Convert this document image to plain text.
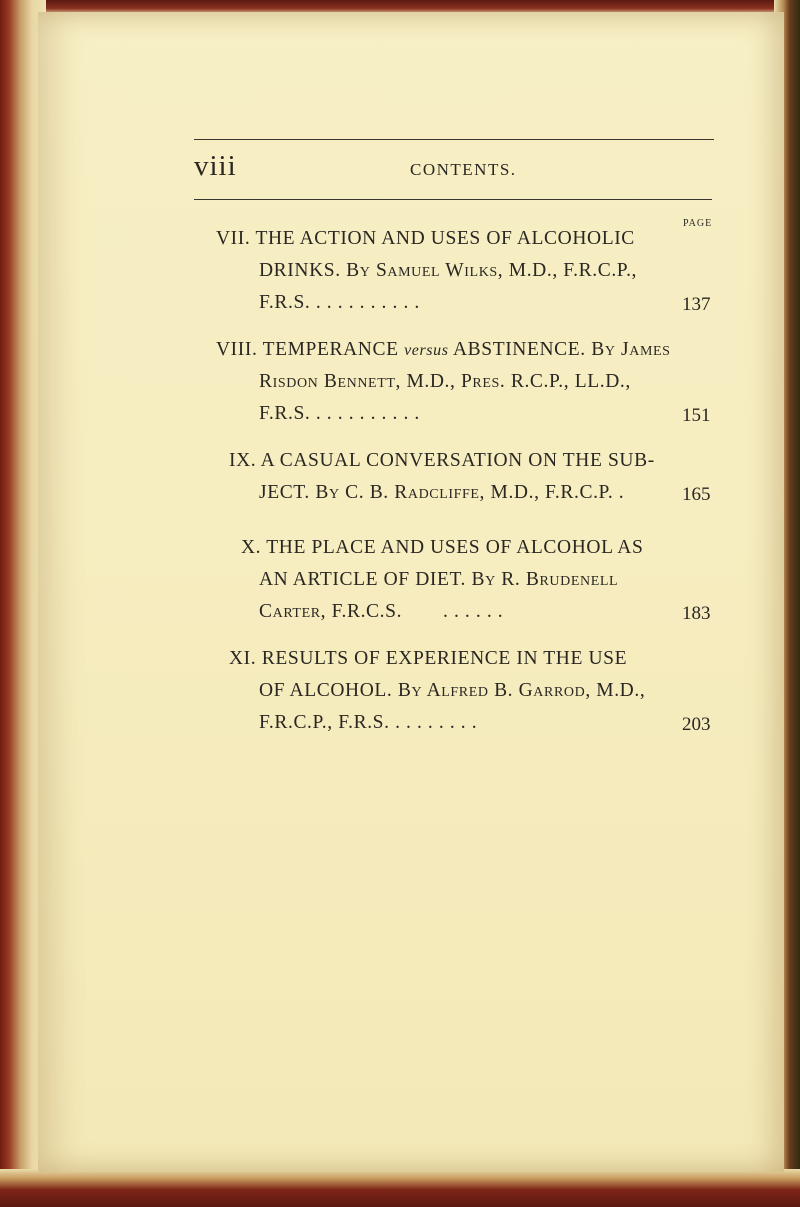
viii	CONTENTS.
PAGE
VII. THE ACTION AND USES OF ALCOHOLIC
DRINKS. By Samuel Wilks, M.D., F.R.C.P.,
F.R.S. . . . . . . . . . .	137
VIII. TEMPERANCE versus ABSTINENCE. By James
Risdon Bennett, M.D., Pres. R.C.P., LL.D.,
F.R.S. . . . . . . . . . .	151
IX. A CASUAL CONVERSATION ON THE SUB-
JECT. By C. B. Radcliffe, M.D., F.R.C.P. .	165
X. THE PLACE AND USES OF ALCOHOL AS
AN ARTICLE OF DIET. By R. Brudenell
Carter, F.R.C.S. . . . . . .	183
XI. RESULTS OF EXPERIENCE IN THE USE
OF ALCOHOL. By Alfred B. Garrod, M.D.,
F.R.C.P., F.R.S. . . . . . . . .	203
